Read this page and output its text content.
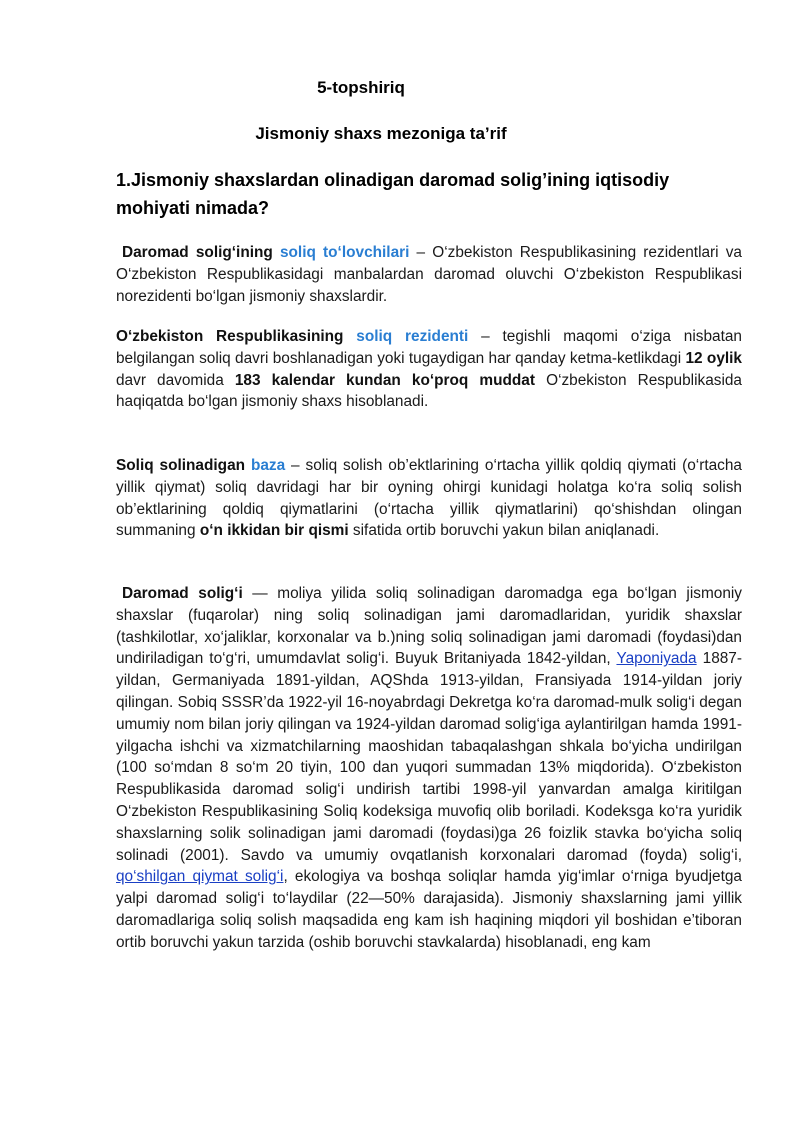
5-topshiriq
Jismoniy shaxs mezoniga ta’rif
1.Jismoniy shaxslardan olinadigan daromad solig’ining iqtisodiy mohiyati nimada?
Daromad solig‘ining soliq to‘lovchilari – O‘zbekiston Respublikasining rezidentlari va O‘zbekiston Respublikasidagi manbalardan daromad oluvchi O‘zbekiston Respublikasi norezidenti bo‘lgan jismoniy shaxslardir.
O‘zbekiston Respublikasining soliq rezidenti – tegishli maqomi o‘ziga nisbatan belgilangan soliq davri boshlanadigan yoki tugaydigan har qanday ketma-ketlikdagi 12 oylik davr davomida 183 kalendar kundan ko‘proq muddat O‘zbekiston Respublikasida haqiqatda bo‘lgan jismoniy shaxs hisoblanadi.
Soliq solinadigan baza – soliq solish ob’ektlarining o‘rtacha yillik qoldiq qiymati (o‘rtacha yillik qiymat) soliq davridagi har bir oyning ohirgi kunidagi holatga ko‘ra soliq solish ob’ektlarining qoldiq qiymatlarini (o‘rtacha yillik qiymatlarini) qo‘shishdan olingan summaning o‘n ikkidan bir qismi sifatida ortib boruvchi yakun bilan aniqlanadi.
Daromad solig‘i — moliya yilida soliq solinadigan daromadga ega bo‘lgan jismoniy shaxslar (fuqarolar) ning soliq solinadigan jami daromadlaridan, yuridik shaxslar (tashkilotlar, xo‘jaliklar, korxonalar va b.)ning soliq solinadigan jami daromadi (foydasi)dan undiriladigan to‘g‘ri, umumdavlat solig‘i. Buyuk Britaniyada 1842-yildan, Yaponiyada 1887-yildan, Germaniyada 1891-yildan, AQShda 1913-yildan, Fransiyada 1914-yildan joriy qilingan. Sobiq SSSR’da 1922-yil 16-noyabrdagi Dekretga ko‘ra daromad-mulk solig‘i degan umumiy nom bilan joriy qilingan va 1924-yildan daromad solig‘iga aylantirilgan hamda 1991-yilgacha ishchi va xizmatchilarning maoshidan tabaqalashgan shkala bo‘yicha undirilgan (100 so‘mdan 8 so‘m 20 tiyin, 100 dan yuqori summadan 13% miqdorida). O‘zbekiston Respublikasida daromad solig‘i undirish tartibi 1998-yil yanvardan amalga kiritilgan O‘zbekiston Respublikasining Soliq kodeksiga muvofiq olib boriladi. Kodeksga ko‘ra yuridik shaxslarning solik solinadigan jami daromadi (foydasi)ga 26 foizlik stavka bo‘yicha soliq solinadi (2001). Savdo va umumiy ovqatlanish korxonalari daromad (foyda) solig‘i, qo‘shilgan qiymat solig‘i, ekologiya va boshqa soliqlar hamda yig‘imlar o‘rniga byudjetga yalpi daromad solig‘i to‘laydilar (22—50% darajasida). Jismoniy shaxslarning jami yillik daromadlariga soliq solish maqsadida eng kam ish haqining miqdori yil boshidan e’tiboran ortib boruvchi yakun tarzida (oshib boruvchi stavkalarda) hisoblanadi, eng kam
